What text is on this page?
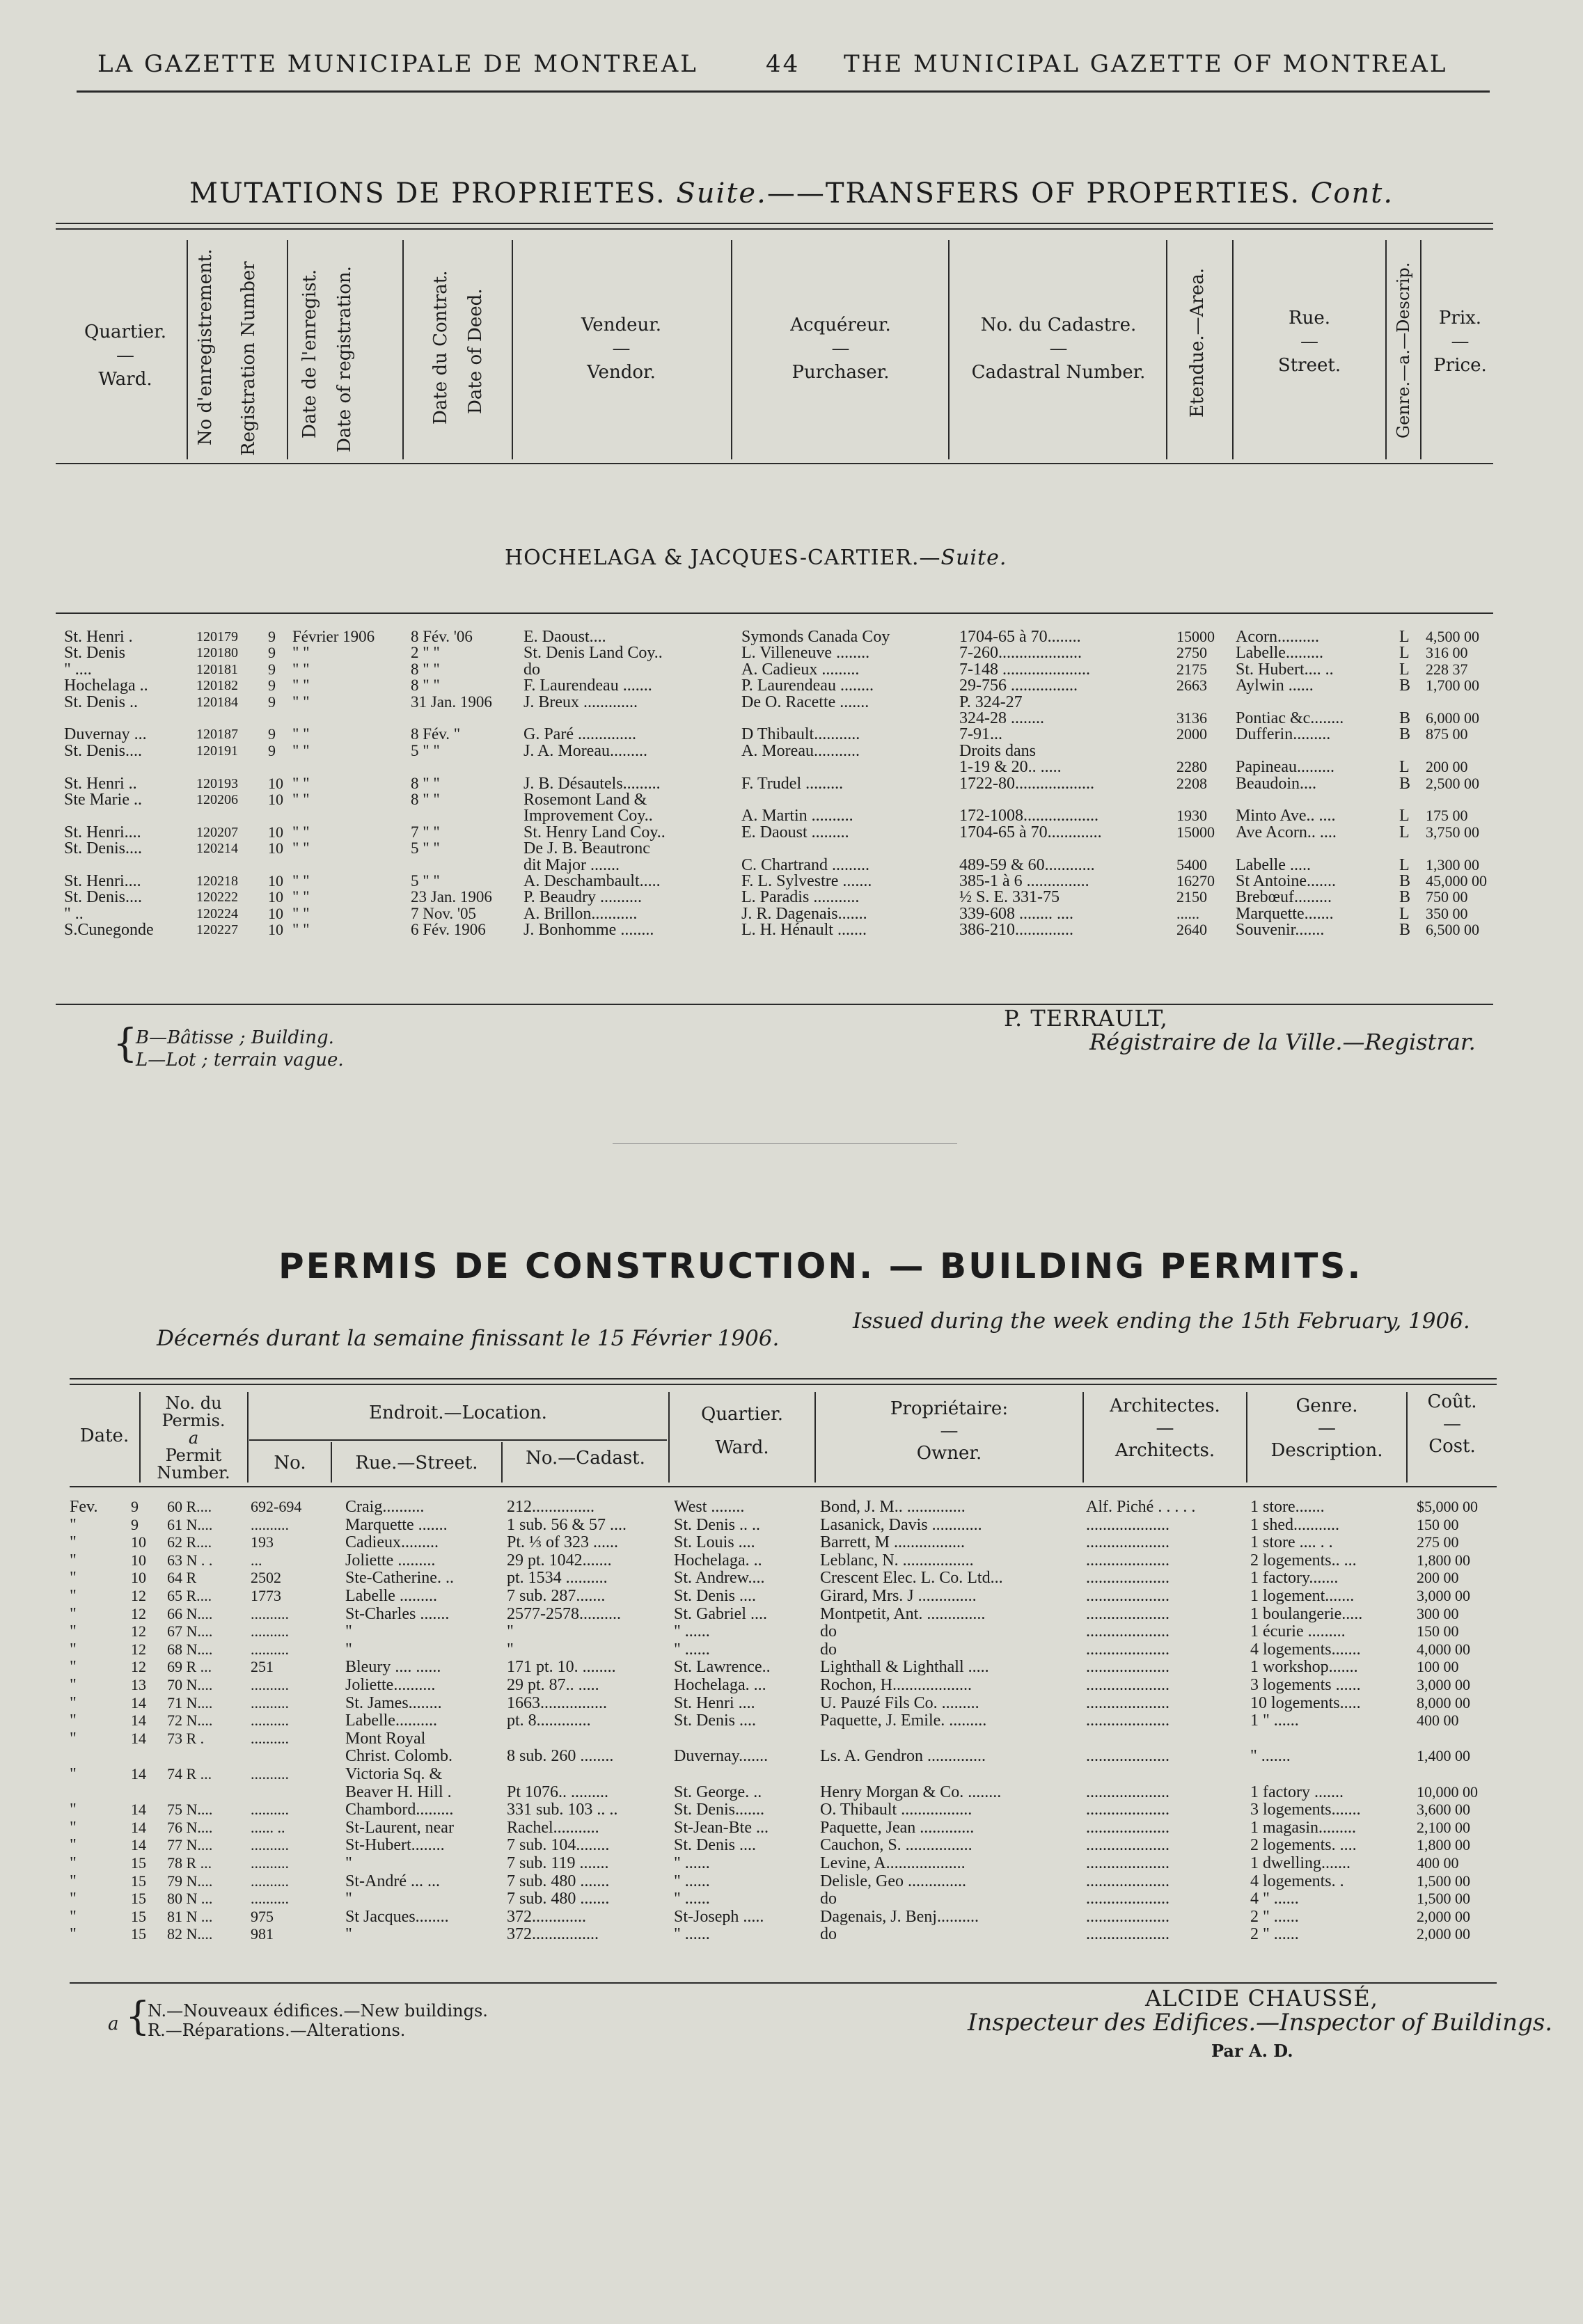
LA GAZETTE MUNICIPALE DE MONTREAL	44 THE MUNICIPAL GAZETTE OF MONTREAL
MUTATIONS DE PROPRIETES. Suite.——TRANSFERS OF PROPERTIES. Cont.
Quartier.
—
Ward.	No d'enregistrement. Registration Number Date de l'enregist. Date of registration.	Date du Contrat. Date of Deed.	Vendeur.
—
Vendor.
Acquéreur.
—
Purchaser.
No. du Cadastre.
—
Cadastral Number.	Etendue.—Area.	Rue.
—
Street.	Genre.—a.—Descrip.	Prix.
—
Price.
HOCHELAGA & JACQUES-CARTIER.—Suite.
St. Henri .	120179 9 Février 1906 8 Fév. '06	E. Daoust....	Symonds Canada Coy	1704-65 à 70........	15000 Acorn..........	L 4,500 00
St. Denis	120180 9 " "	2 " "	St. Denis Land Coy..	L. Villeneuve ........	7-260....................	2750 Labelle.........	L 316 00
" ....	120181 9 " "	8 " "	do	A. Cadieux .........	7-148 .....................	2175 St. Hubert.... ..	L 228 37
Hochelaga ..	120182 9 " "	8 " "	F. Laurendeau .......	P. Laurendeau ........	29-756 ................	2663 Aylwin ......	B 1,700 00
St. Denis ..	120184 9 " "	31 Jan. 1906 J. Breux .............	De O. Racette .......	P. 324-27
324-28 ........	3136 Pontiac &c........	B 6,000 00
Duvernay ...	120187 9 " "	8 Fév. "	G. Paré ..............	D Thibault...........	7-91...	2000 Dufferin.........	B 875 00
St. Denis....	120191 9 " "	5 " "	J. A. Moreau.........	A. Moreau...........	Droits dans
1-19 & 20.. .....	2280 Papineau.........	L 200 00
St. Henri ..	120193 10 " "	8 " "	J. B. Désautels.........	F. Trudel .........	1722-80...................	2208 Beaudoin....	B 2,500 00
Ste Marie ..	120206 10 " "	8 " "	Rosemont Land &
Improvement Coy..	A. Martin ..........	172-1008..................	1930 Minto Ave.. ....	L 175 00
St. Henri....	120207 10 " "	7 " "	St. Henry Land Coy..	E. Daoust .........	1704-65 à 70.............	15000 Ave Acorn.. ....	L 3,750 00
St. Denis....	120214 10 " "	5 " "	De J. B. Beautronc
dit Major .......	C. Chartrand .........	489-59 & 60............	5400 Labelle .....	L 1,300 00
St. Henri....	120218 10 " "	5 " "	A. Deschambault.....	F. L. Sylvestre .......	385-1 à 6 ...............	16270 St Antoine.......	B 45,000 00
St. Denis....	120222 10 " "	23 Jan. 1906 P. Beaudry ..........	L. Paradis ...........	½ S. E. 331-75	2150 Brebœuf.........	B 750 00
" ..	120224 10 " "	7 Nov. '05	A. Brillon...........	J. R. Dagenais.......	339-608 ........ ....	...... Marquette.......	L 350 00
S.Cunegonde	120227 10 " "	6 Fév. 1906 J. Bonhomme ........	L. H. Hénault .......	386-210..............	2640 Souvenir.......	B 6,500 00
{
B—Bâtisse ; Building.
L—Lot ; terrain vague.
P. TERRAULT,
Régistraire de la Ville.—Registrar.
PERMIS DE CONSTRUCTION. — BUILDING PERMITS.
Décernés durant la semaine finissant le 15 Février 1906.
Issued during the week ending the 15th February, 1906.
Date.
No. du
Permis.
a
Permit
Number.
Endroit.—Location.
No.	Rue.—Street.	No.—Cadast.
Quartier.
Ward.
Propriétaire:
—
Owner.
Architectes.
—
Architects.
Genre.
—
Description.
Coût.
—
Cost.
Fev. 9 60 R....	692-694	Craig..........	212...............	West ........	Bond, J. M.. ..............	Alf. Piché . . . . .	1 store.......	$5,000 00
"	9 61 N.... ..........	Marquette .......	1 sub. 56 & 57 ....	St. Denis .. ..	Lasanick, Davis ............	....................	1 shed...........	150 00
"	10 62 R....	193	Cadieux.........	Pt. ⅓ of 323 ......	St. Louis ....	Barrett, M .................	....................	1 store .... . .	275 00
"	10 63 N . . ...	Joliette .........	29 pt. 1042.......	Hochelaga. ..	Leblanc, N. .................	....................	2 logements.. ...	1,800 00
"	10 64 R	2502	Ste-Catherine. ..	pt. 1534 ..........	St. Andrew....	Crescent Elec. L. Co. Ltd...	....................	1 factory.......	200 00
"	12 65 R....	1773	Labelle .........	7 sub. 287.......	St. Denis ....	Girard, Mrs. J ..............	....................	1 logement.......	3,000 00
"	12 66 N.... ..........	St-Charles .......	2577-2578..........	St. Gabriel ....	Montpetit, Ant. ..............	....................	1 boulangerie.....	300 00
"	12 67 N.... ..........	"	"	" ......	do	....................	1 écurie .........	150 00
"	12 68 N.... ..........	"	"	" ......	do	....................	4 logements.......	4,000 00
"	12 69 R ...	251	Bleury .... ......	171 pt. 10. ........	St. Lawrence..	Lighthall & Lighthall .....	....................	1 workshop.......	100 00
"	13 70 N.... ..........	Joliette..........	29 pt. 87.. .....	Hochelaga. ...	Rochon, H...................	....................	3 logements ......	3,000 00
"	14 71 N.... ..........	St. James........	1663................	St. Henri ....	U. Pauzé Fils Co. .........	....................	10 logements.....	8,000 00
"	14 72 N.... ..........	Labelle..........	pt. 8.............	St. Denis ....	Paquette, J. Emile. .........	....................	1 " ......	400 00
"	14 73 R .	..........	Mont Royal
Christ. Colomb.	8 sub. 260 ........	Duvernay.......	Ls. A. Gendron ..............	....................	" .......	1,400 00
"	14 74 R ...	..........	Victoria Sq. &
Beaver H. Hill .	Pt 1076.. .........	St. George. ..	Henry Morgan & Co. ........	....................	1 factory .......	10,000 00
"	14 75 N.... ..........	Chambord.........	331 sub. 103 .. ..	St. Denis.......	O. Thibault .................	....................	3 logements.......	3,600 00
"	14 76 N.... ...... ..	St-Laurent, near	Rachel...........	St-Jean-Bte ...	Paquette, Jean .............	....................	1 magasin.........	2,100 00
"	14 77 N.... ..........	St-Hubert........	7 sub. 104........	St. Denis ....	Cauchon, S. ................	....................	2 logements. ....	1,800 00
"	15 78 R ...	..........	"	7 sub. 119 .......	" ......	Levine, A...................	....................	1 dwelling.......	400 00
"	15 79 N.... ..........	St-André ... ...	7 sub. 480 .......	" ......	Delisle, Geo ..............	....................	4 logements. .	1,500 00
"	15 80 N ... ..........	"	7 sub. 480 .......	" ......	do	....................	4 " ......	1,500 00
"	15 81 N ... 975	St Jacques........	372.............	St-Joseph .....	Dagenais, J. Benj..........	....................	2 " ......	2,000 00
"	15 82 N.... 981	"	372................	" ......	do	....................	2 " ......	2,000 00
a {
N.—Nouveaux édifices.—New buildings.
R.—Réparations.—Alterations.
ALCIDE CHAUSSÉ,
Inspecteur des Edifices.—Inspector of Buildings.
Par A. D.
